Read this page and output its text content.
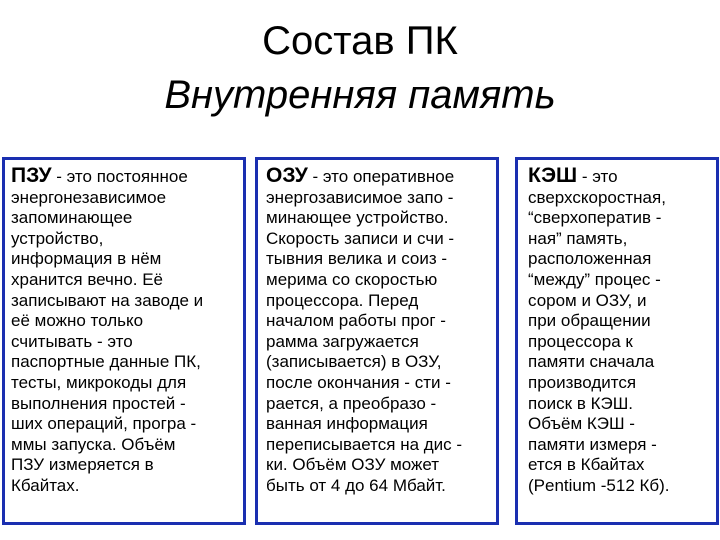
Состав ПК
Внутренняя память
ПЗУ - это постоянное
энергонезависимое
запоминающее
устройство,
информация в нём
хранится вечно. Её
записывают на заводе и
её можно только
считывать - это
паспортные данные ПК,
тесты, микрокоды для
выполнения простей -
ших операций, програ -
ммы запуска. Объём
ПЗУ измеряется в
Кбайтах.
ОЗУ - это оперативное
энергозависимое запо -
минающее устройство.
Скорость записи и счи -
тывния велика и соиз -
мерима со скоростью
процессора. Перед
началом работы прог -
рамма загружается
(записывается) в ОЗУ,
после окончания - сти -
рается, а преобразо -
ванная информация
переписывается на дис -
ки. Объём ОЗУ может
быть от 4 до 64 Мбайт.
КЭШ - это
сверхскоростная,
“сверхоператив -
ная” память,
расположенная
“между” процес -
сором и ОЗУ, и
при обращении
процессора к
памяти сначала
производится
поиск в КЭШ.
Объём КЭШ -
памяти измеря -
ется в Кбайтах
(Pentium -512 Кб).
